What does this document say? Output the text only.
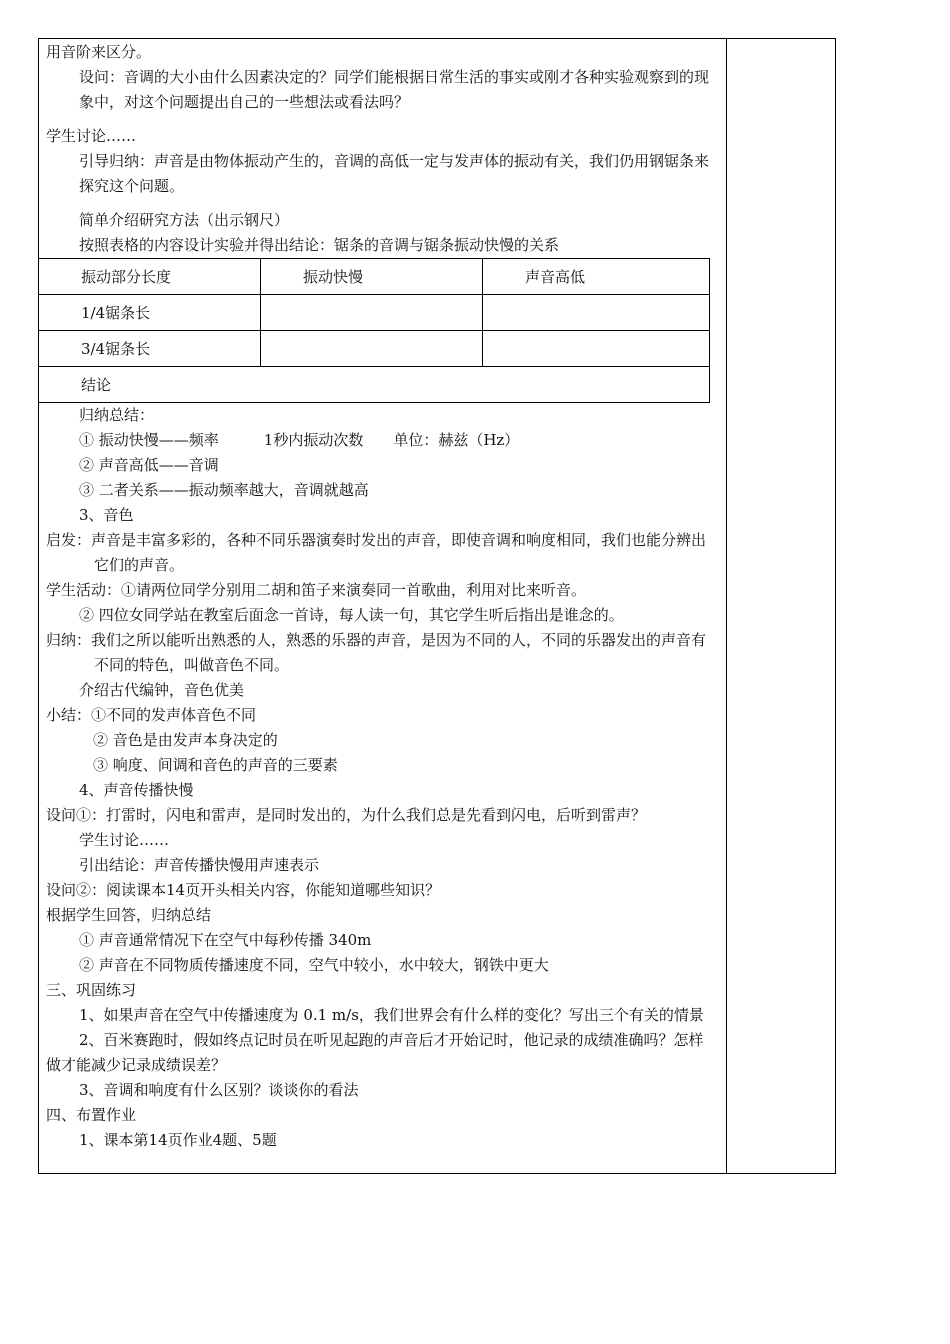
用音阶来区分。

设问：音调的大小由什么因素决定的？同学们能根据日常生活的事实或刚才各种实验观察到的现象中，对这个问题提出自己的一些想法或看法吗？

学生讨论……

引导归纳：声音是由物体振动产生的，音调的高低一定与发声体的振动有关，我们仍用钢锯条来探究这个问题。

简单介绍研究方法（出示钢尺）

按照表格的内容设计实验并得出结论：锯条的音调与锯条振动快慢的关系

振动部分长度	振动快慢	声音高低
1/4锯条长		
3/4锯条长		
结论		

归纳总结：

① 振动快慢——频率　　　1秒内振动次数　　单位：赫兹（Hz）

② 声音高低——音调

③ 二者关系——振动频率越大，音调就越高

3、音色

启发：声音是丰富多彩的，各种不同乐器演奏时发出的声音，即使音调和响度相同，我们也能分辨出它们的声音。

学生活动：①请两位同学分别用二胡和笛子来演奏同一首歌曲，利用对比来听音。

② 四位女同学站在教室后面念一首诗，每人读一句，其它学生听后指出是谁念的。

归纳：我们之所以能听出熟悉的人，熟悉的乐器的声音，是因为不同的人，不同的乐器发出的声音有不同的特色，叫做音色不同。

介绍古代编钟，音色优美

小结：①不同的发声体音色不同

② 音色是由发声本身决定的

③ 响度、间调和音色的声音的三要素

4、声音传播快慢

设问①：打雷时，闪电和雷声，是同时发出的，为什么我们总是先看到闪电，后听到雷声？

学生讨论……

引出结论：声音传播快慢用声速表示

设问②：阅读课本14页开头相关内容，你能知道哪些知识？

根据学生回答，归纳总结

① 声音通常情况下在空气中每秒传播 340m

② 声音在不同物质传播速度不同，空气中较小，水中较大，钢铁中更大

三、巩固练习

1、如果声音在空气中传播速度为 0.1 m/s，我们世界会有什么样的变化？写出三个有关的情景

2、百米赛跑时，假如终点记时员在听见起跑的声音后才开始记时，他记录的成绩准确吗？怎样做才能减少记录成绩误差？

3、音调和响度有什么区别？谈谈你的看法

四、布置作业

1、课本第14页作业4题、5题
